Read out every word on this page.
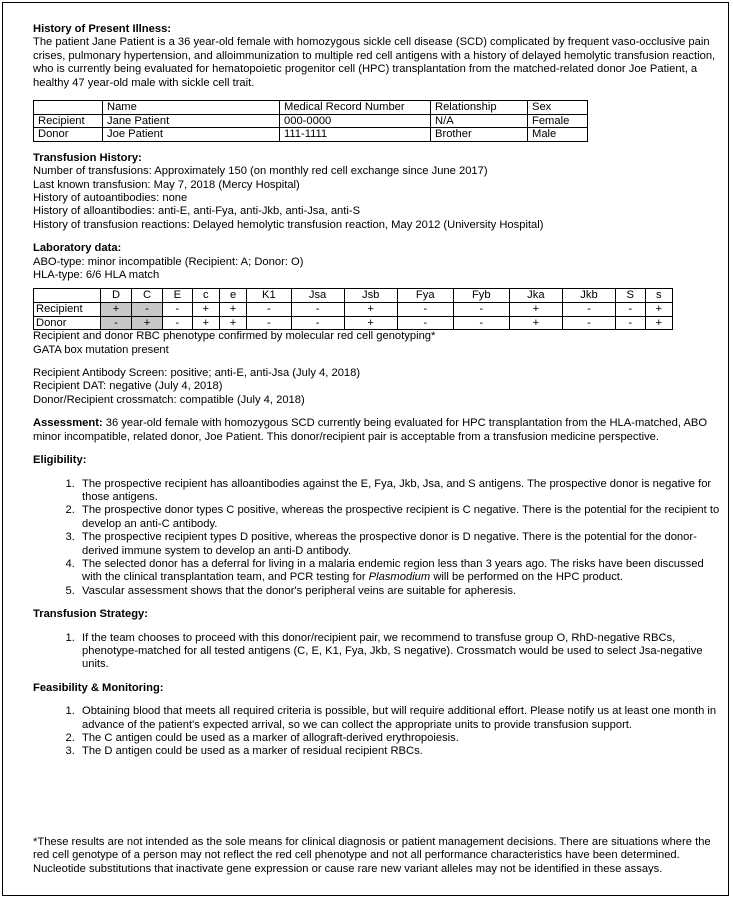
History of Present Illness:

The patient Jane Patient is a 36 year-old female with homozygous sickle cell disease (SCD) complicated by frequent vaso-occlusive pain crises, pulmonary hypertension, and alloimmunization to multiple red cell antigens with a history of delayed hemolytic transfusion reaction, who is currently being evaluated for hematopoietic progenitor cell (HPC) transplantation from the matched-related donor Joe Patient, a healthy 47 year-old male with sickle cell trait.

	Name	Medical Record Number	Relationship	Sex
Recipient	Jane Patient	000-0000	N/A	Female
Donor	Joe Patient	111-1111	Brother	Male
Transfusion History:
Number of transfusions: Approximately 150 (on monthly red cell exchange since June 2017)
Last known transfusion: May 7, 2018 (Mercy Hospital)
History of autoantibodies: none
History of alloantibodies: anti-E, anti-Fya, anti-Jkb, anti-Jsa, anti-S
History of transfusion reactions: Delayed hemolytic transfusion reaction, May 2012 (University Hospital)
Laboratory data:
ABO-type: minor incompatible (Recipient: A; Donor: O)
HLA-type: 6/6 HLA match
	D	C	E	c	e	K1	Jsa	Jsb	Fya	Fyb	Jka	Jkb	S	s
Recipient	+	-	-	+	+	-	-	+	-	-	+	-	-	+
Donor	-	+	-	+	+	-	-	+	-	-	+	-	-	+
Recipient and donor RBC phenotype confirmed by molecular red cell genotyping*
GATA box mutation present
Recipient Antibody Screen: positive; anti-E, anti-Jsa (July 4, 2018)
Recipient DAT: negative (July 4, 2018)
Donor/Recipient crossmatch: compatible (July 4, 2018)

Assessment: 36 year-old female with homozygous SCD currently being evaluated for HPC transplantation from the HLA-matched, ABO minor incompatible, related donor, Joe Patient. This donor/recipient pair is acceptable from a transfusion medicine perspective.

Eligibility:
1. The prospective recipient has alloantibodies against the E, Fya, Jkb, Jsa, and S antigens. The prospective donor is negative for those antigens.
2. The prospective donor types C positive, whereas the prospective recipient is C negative. There is the potential for the recipient to develop an anti-C antibody.
3. The prospective recipient types D positive, whereas the prospective donor is D negative. There is the potential for the donor-derived immune system to develop an anti-D antibody.
4. The selected donor has a deferral for living in a malaria endemic region less than 3 years ago. The risks have been discussed with the clinical transplantation team, and PCR testing for Plasmodium will be performed on the HPC product.
5. Vascular assessment shows that the donor's peripheral veins are suitable for apheresis.
Transfusion Strategy:
1. If the team chooses to proceed with this donor/recipient pair, we recommend to transfuse group O, RhD-negative RBCs, phenotype-matched for all tested antigens (C, E, K1, Fya, Jkb, S negative). Crossmatch would be used to select Jsa-negative units.
Feasibility & Monitoring:
1. Obtaining blood that meets all required criteria is possible, but will require additional effort. Please notify us at least one month in advance of the patient's expected arrival, so we can collect the appropriate units to provide transfusion support.
2. The C antigen could be used as a marker of allograft-derived erythropoiesis.
3. The D antigen could be used as a marker of residual recipient RBCs.

*These results are not intended as the sole means for clinical diagnosis or patient management decisions. There are situations where the red cell genotype of a person may not reflect the red cell phenotype and not all performance characteristics have been determined. Nucleotide substitutions that inactivate gene expression or cause rare new variant alleles may not be identified in these assays.
